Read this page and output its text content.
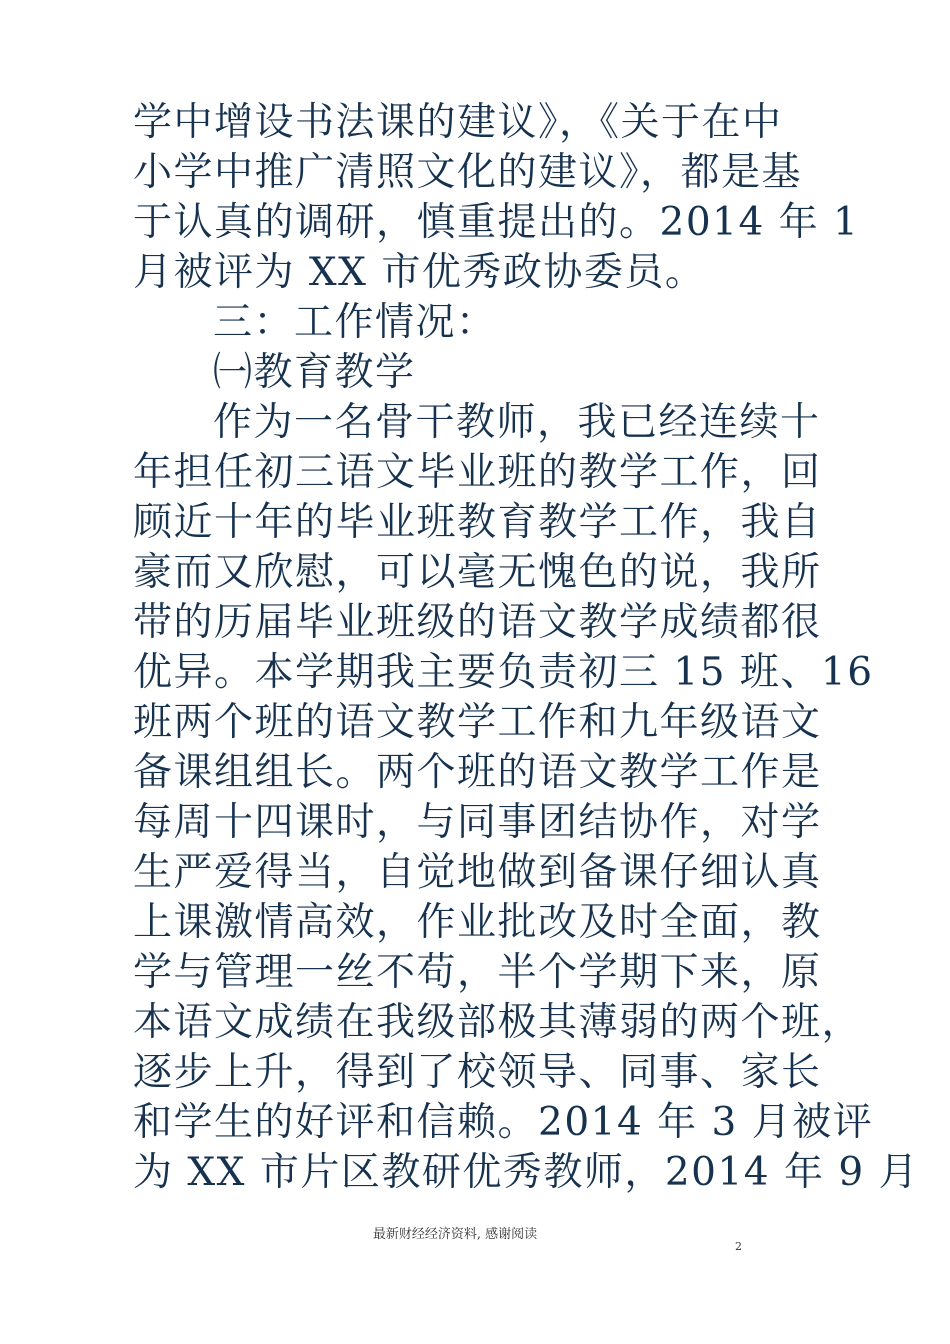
学中增设书法课的建议》，《关于在中
小学中推广清照文化的建议》，都是基
于认真的调研，慎重提出的。2014 年 1
月被评为 XX 市优秀政协委员。
三：工作情况：
㈠教育教学
作为一名骨干教师，我已经连续十
年担任初三语文毕业班的教学工作，回
顾近十年的毕业班教育教学工作，我自
豪而又欣慰，可以毫无愧色的说，我所
带的历届毕业班级的语文教学成绩都很
优异。本学期我主要负责初三 15 班、16
班两个班的语文教学工作和九年级语文
备课组组长。两个班的语文教学工作是
每周十四课时，与同事团结协作，对学
生严爱得当，自觉地做到备课仔细认真
上课激情高效，作业批改及时全面，教
学与管理一丝不苟，半个学期下来，原
本语文成绩在我级部极其薄弱的两个班，
逐步上升，得到了校领导、同事、家长
和学生的好评和信赖。2014 年 3 月被评
为 XX 市片区教研优秀教师，2014 年 9 月
最新财经经济资料, 感谢阅读
2
